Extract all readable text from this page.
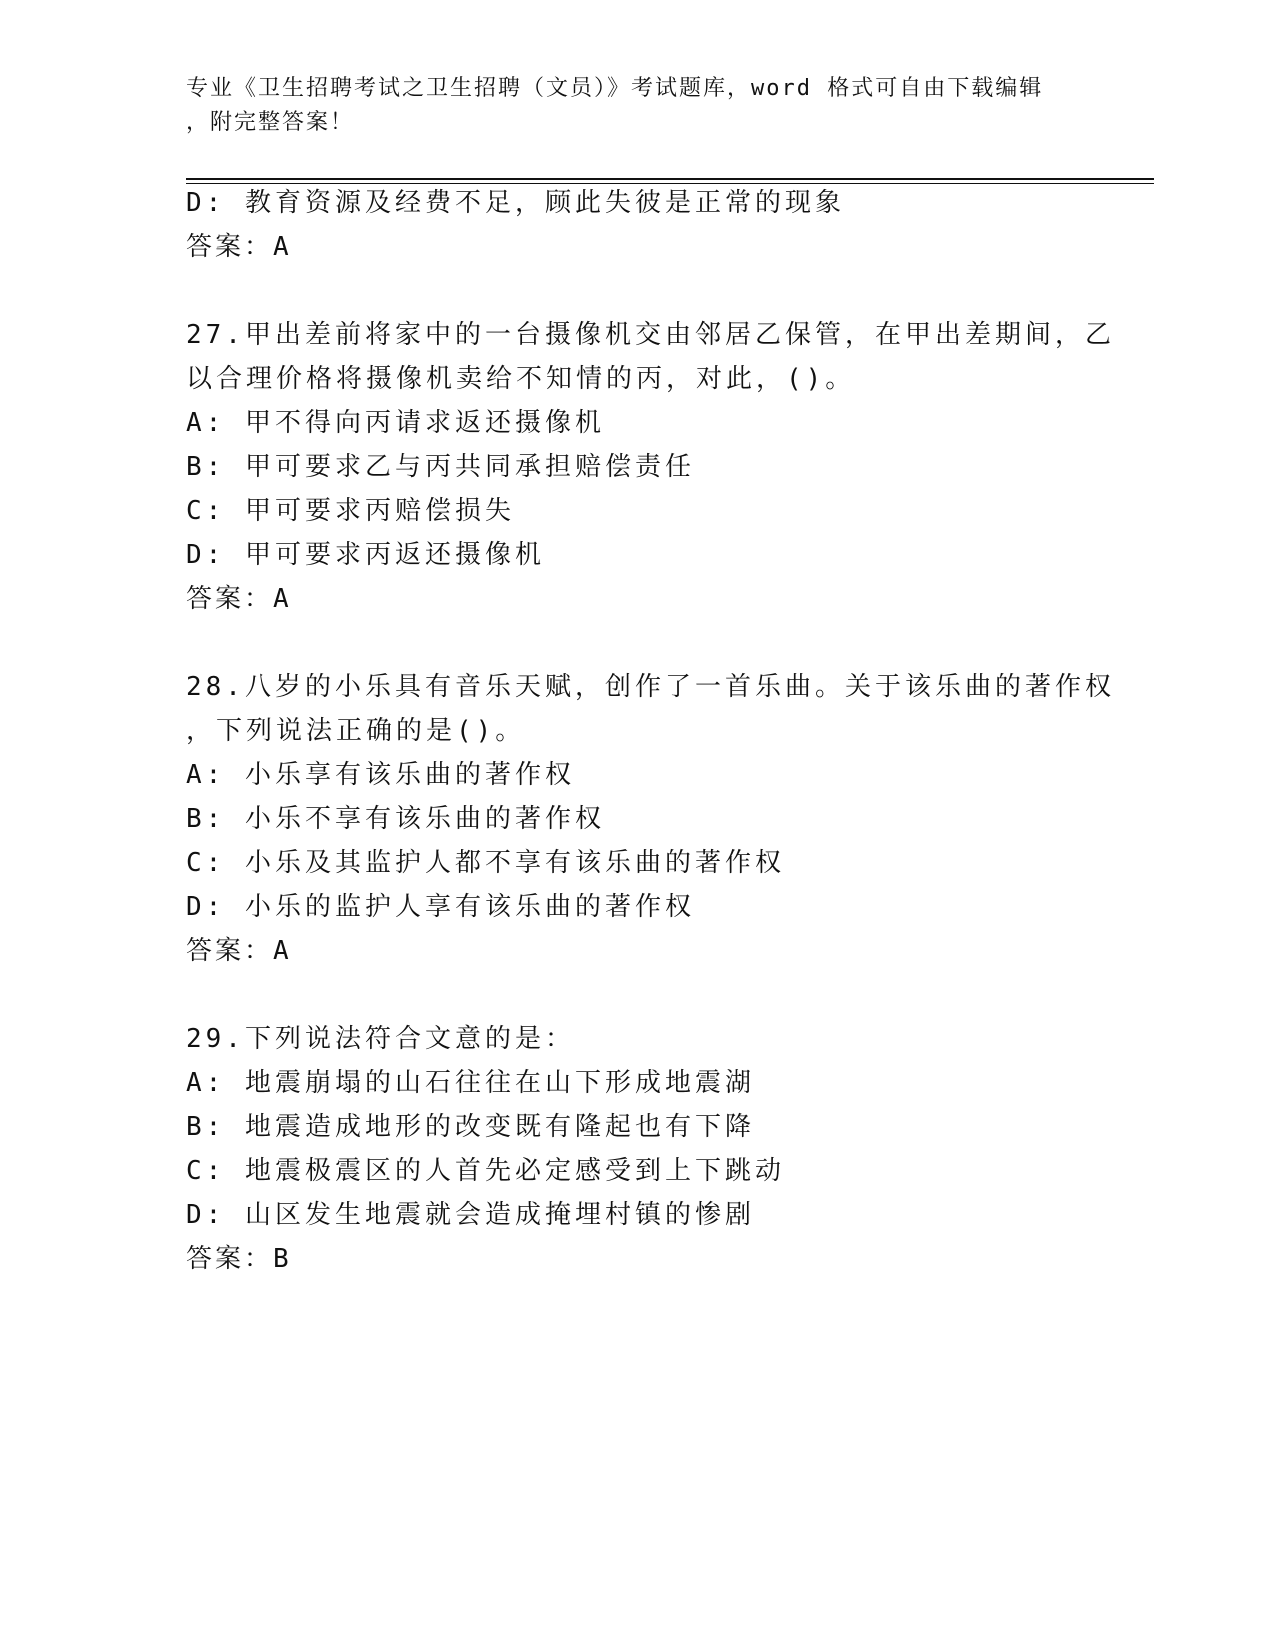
专业《卫生招聘考试之卫生招聘（文员）》考试题库，word 格式可自由下载编辑
，附完整答案！
D: 教育资源及经费不足，顾此失彼是正常的现象
答案：A
27.甲出差前将家中的一台摄像机交由邻居乙保管，在甲出差期间，乙
以合理价格将摄像机卖给不知情的丙，对此，()。
A: 甲不得向丙请求返还摄像机
B: 甲可要求乙与丙共同承担赔偿责任
C: 甲可要求丙赔偿损失
D: 甲可要求丙返还摄像机
答案：A
28.八岁的小乐具有音乐天赋，创作了一首乐曲。关于该乐曲的著作权
，下列说法正确的是()。
A: 小乐享有该乐曲的著作权
B: 小乐不享有该乐曲的著作权
C: 小乐及其监护人都不享有该乐曲的著作权
D: 小乐的监护人享有该乐曲的著作权
答案：A
29.下列说法符合文意的是：
A: 地震崩塌的山石往往在山下形成地震湖
B: 地震造成地形的改变既有隆起也有下降
C: 地震极震区的人首先必定感受到上下跳动
D: 山区发生地震就会造成掩埋村镇的惨剧
答案：B
